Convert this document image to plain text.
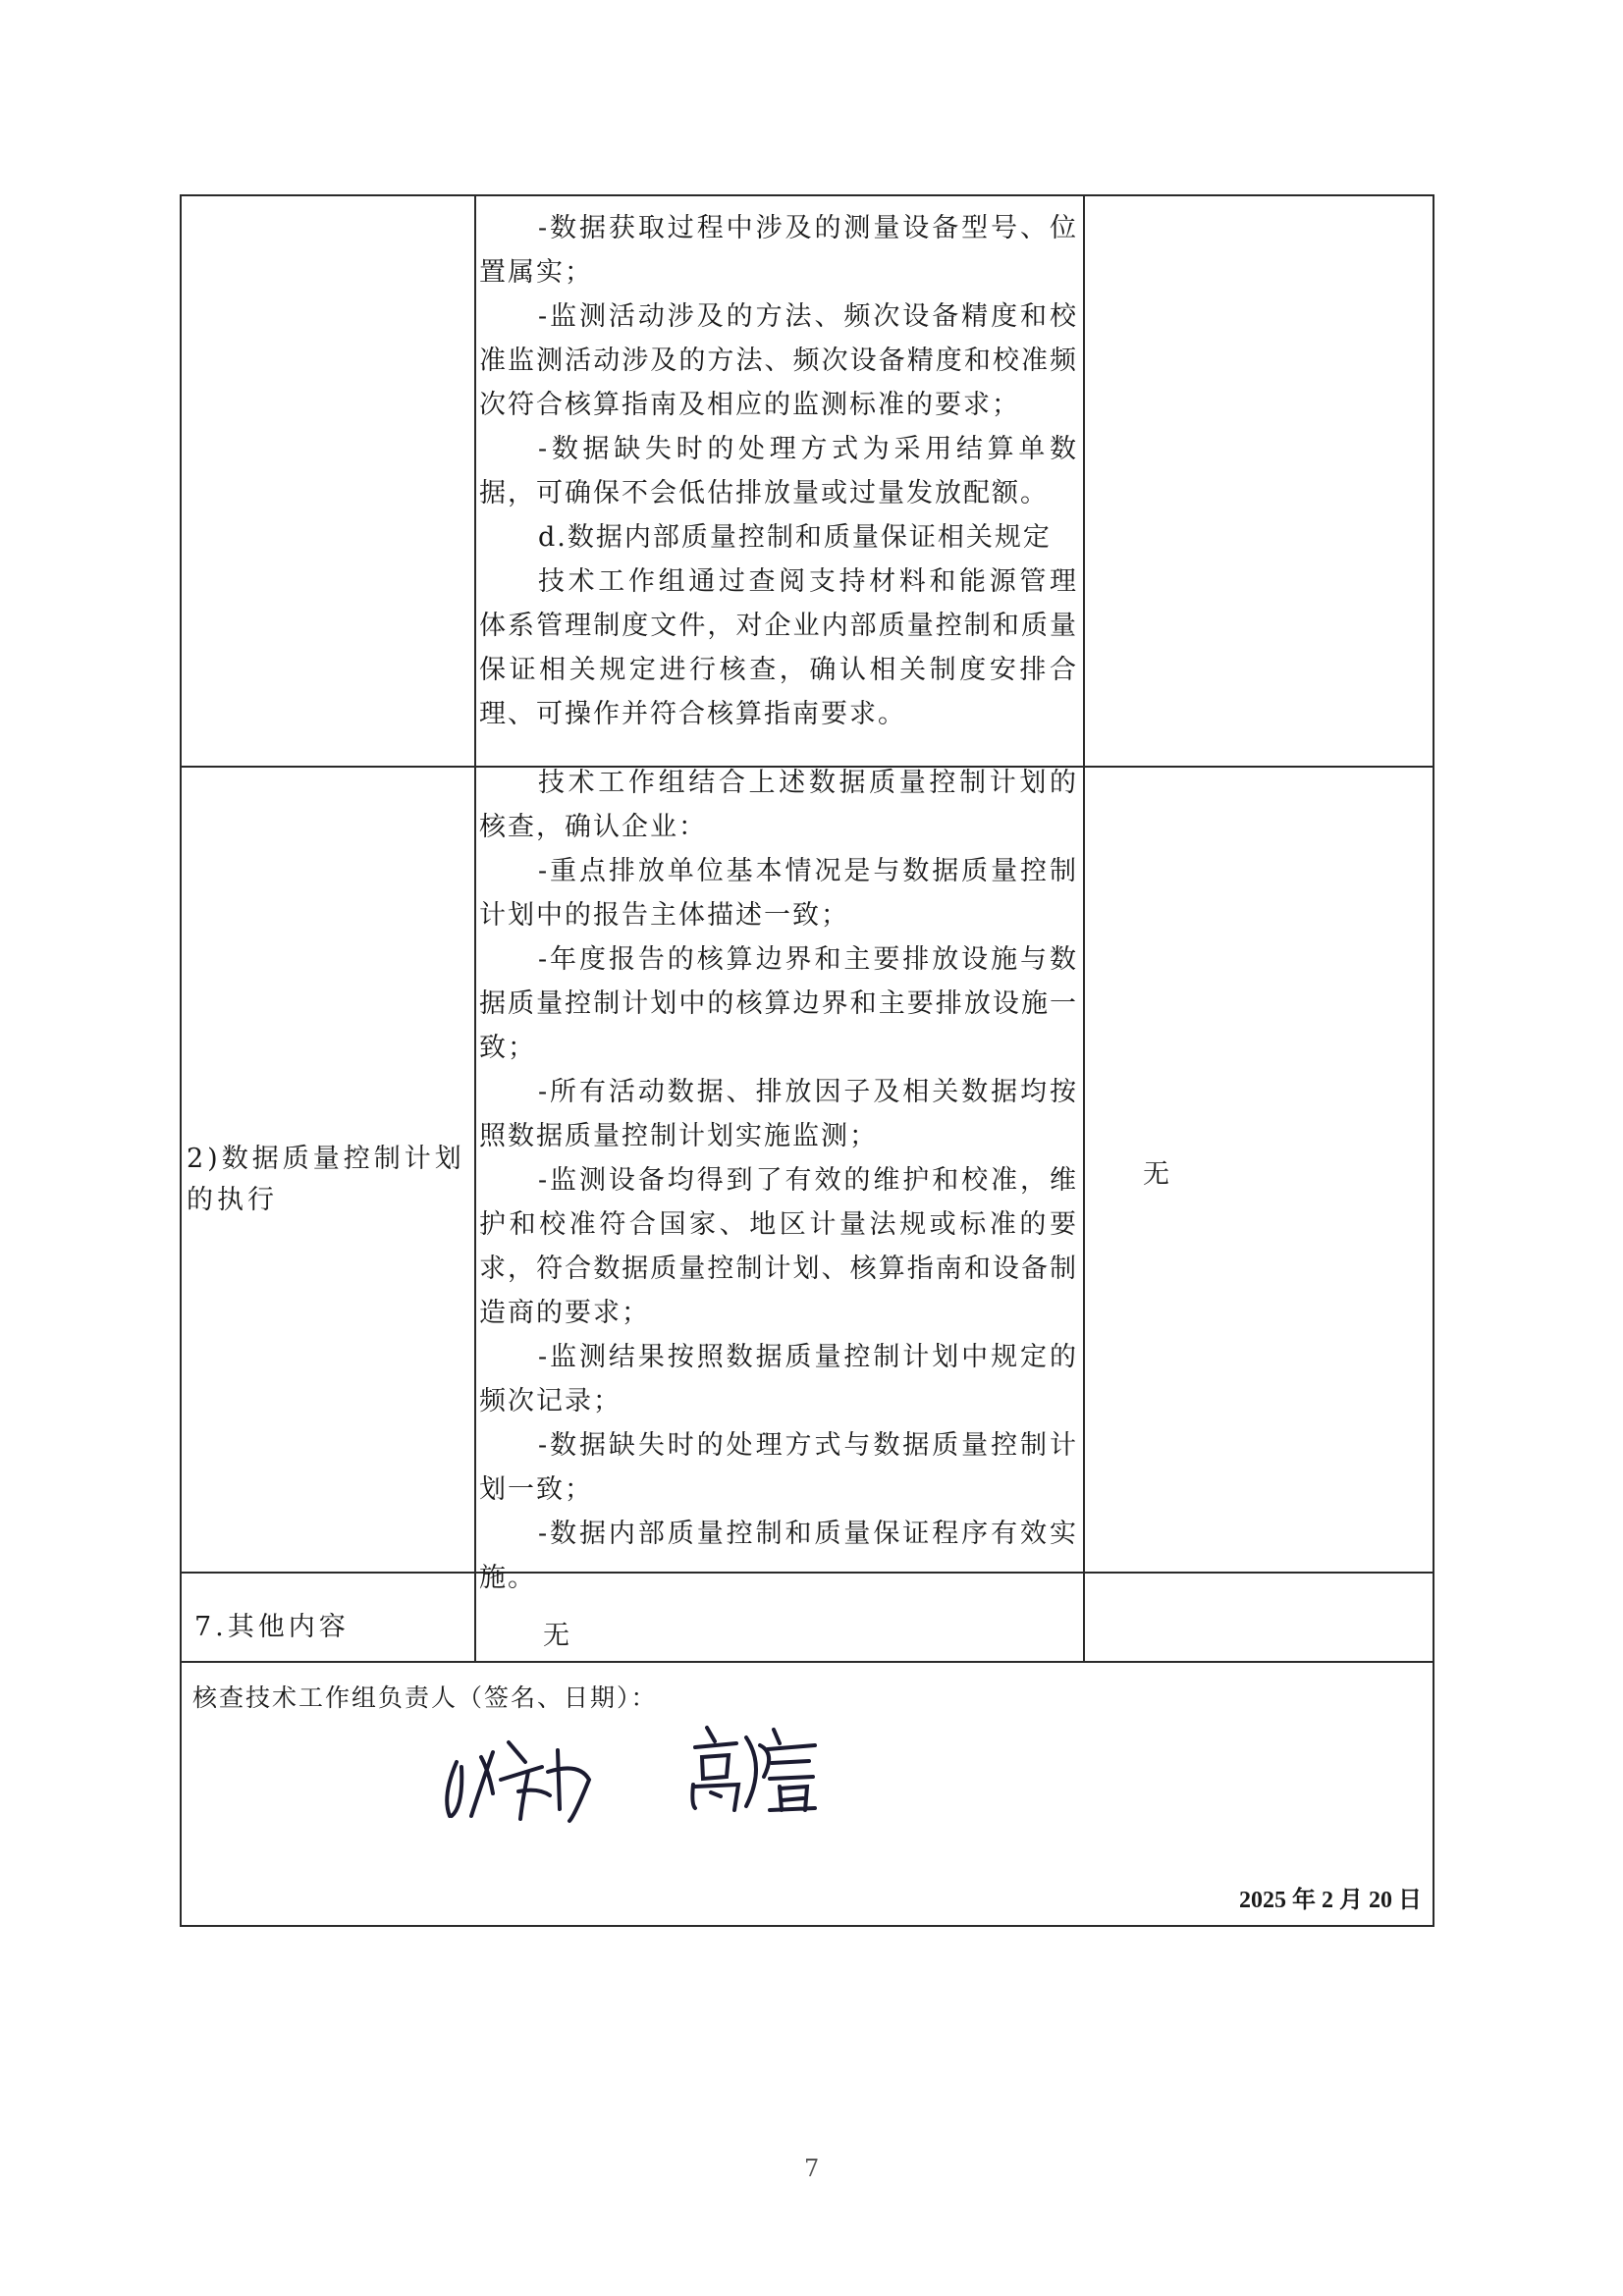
-数据获取过程中涉及的测量设备型号、位置属实；

-监测活动涉及的方法、频次设备精度和校准监测活动涉及的方法、频次设备精度和校准频次符合核算指南及相应的监测标准的要求；

-数据缺失时的处理方式为采用结算单数据，可确保不会低估排放量或过量发放配额。

d.数据内部质量控制和质量保证相关规定

技术工作组通过查阅支持材料和能源管理体系管理制度文件，对企业内部质量控制和质量保证相关规定进行核查，确认相关制度安排合理、可操作并符合核算指南要求。

2)数据质量控制计划的执行

技术工作组结合上述数据质量控制计划的核查，确认企业：

-重点排放单位基本情况是与数据质量控制计划中的报告主体描述一致；

-年度报告的核算边界和主要排放设施与数据质量控制计划中的核算边界和主要排放设施一致；

-所有活动数据、排放因子及相关数据均按照数据质量控制计划实施监测；

-监测设备均得到了有效的维护和校准，维护和校准符合国家、地区计量法规或标准的要求，符合数据质量控制计划、核算指南和设备制造商的要求；

-监测结果按照数据质量控制计划中规定的频次记录；

-数据缺失时的处理方式与数据质量控制计划一致；

-数据内部质量控制和质量保证程序有效实施。

无
7.其他内容	无
核查技术工作组负责人（签名、日期）：
2025 年 2 月 20 日
7
